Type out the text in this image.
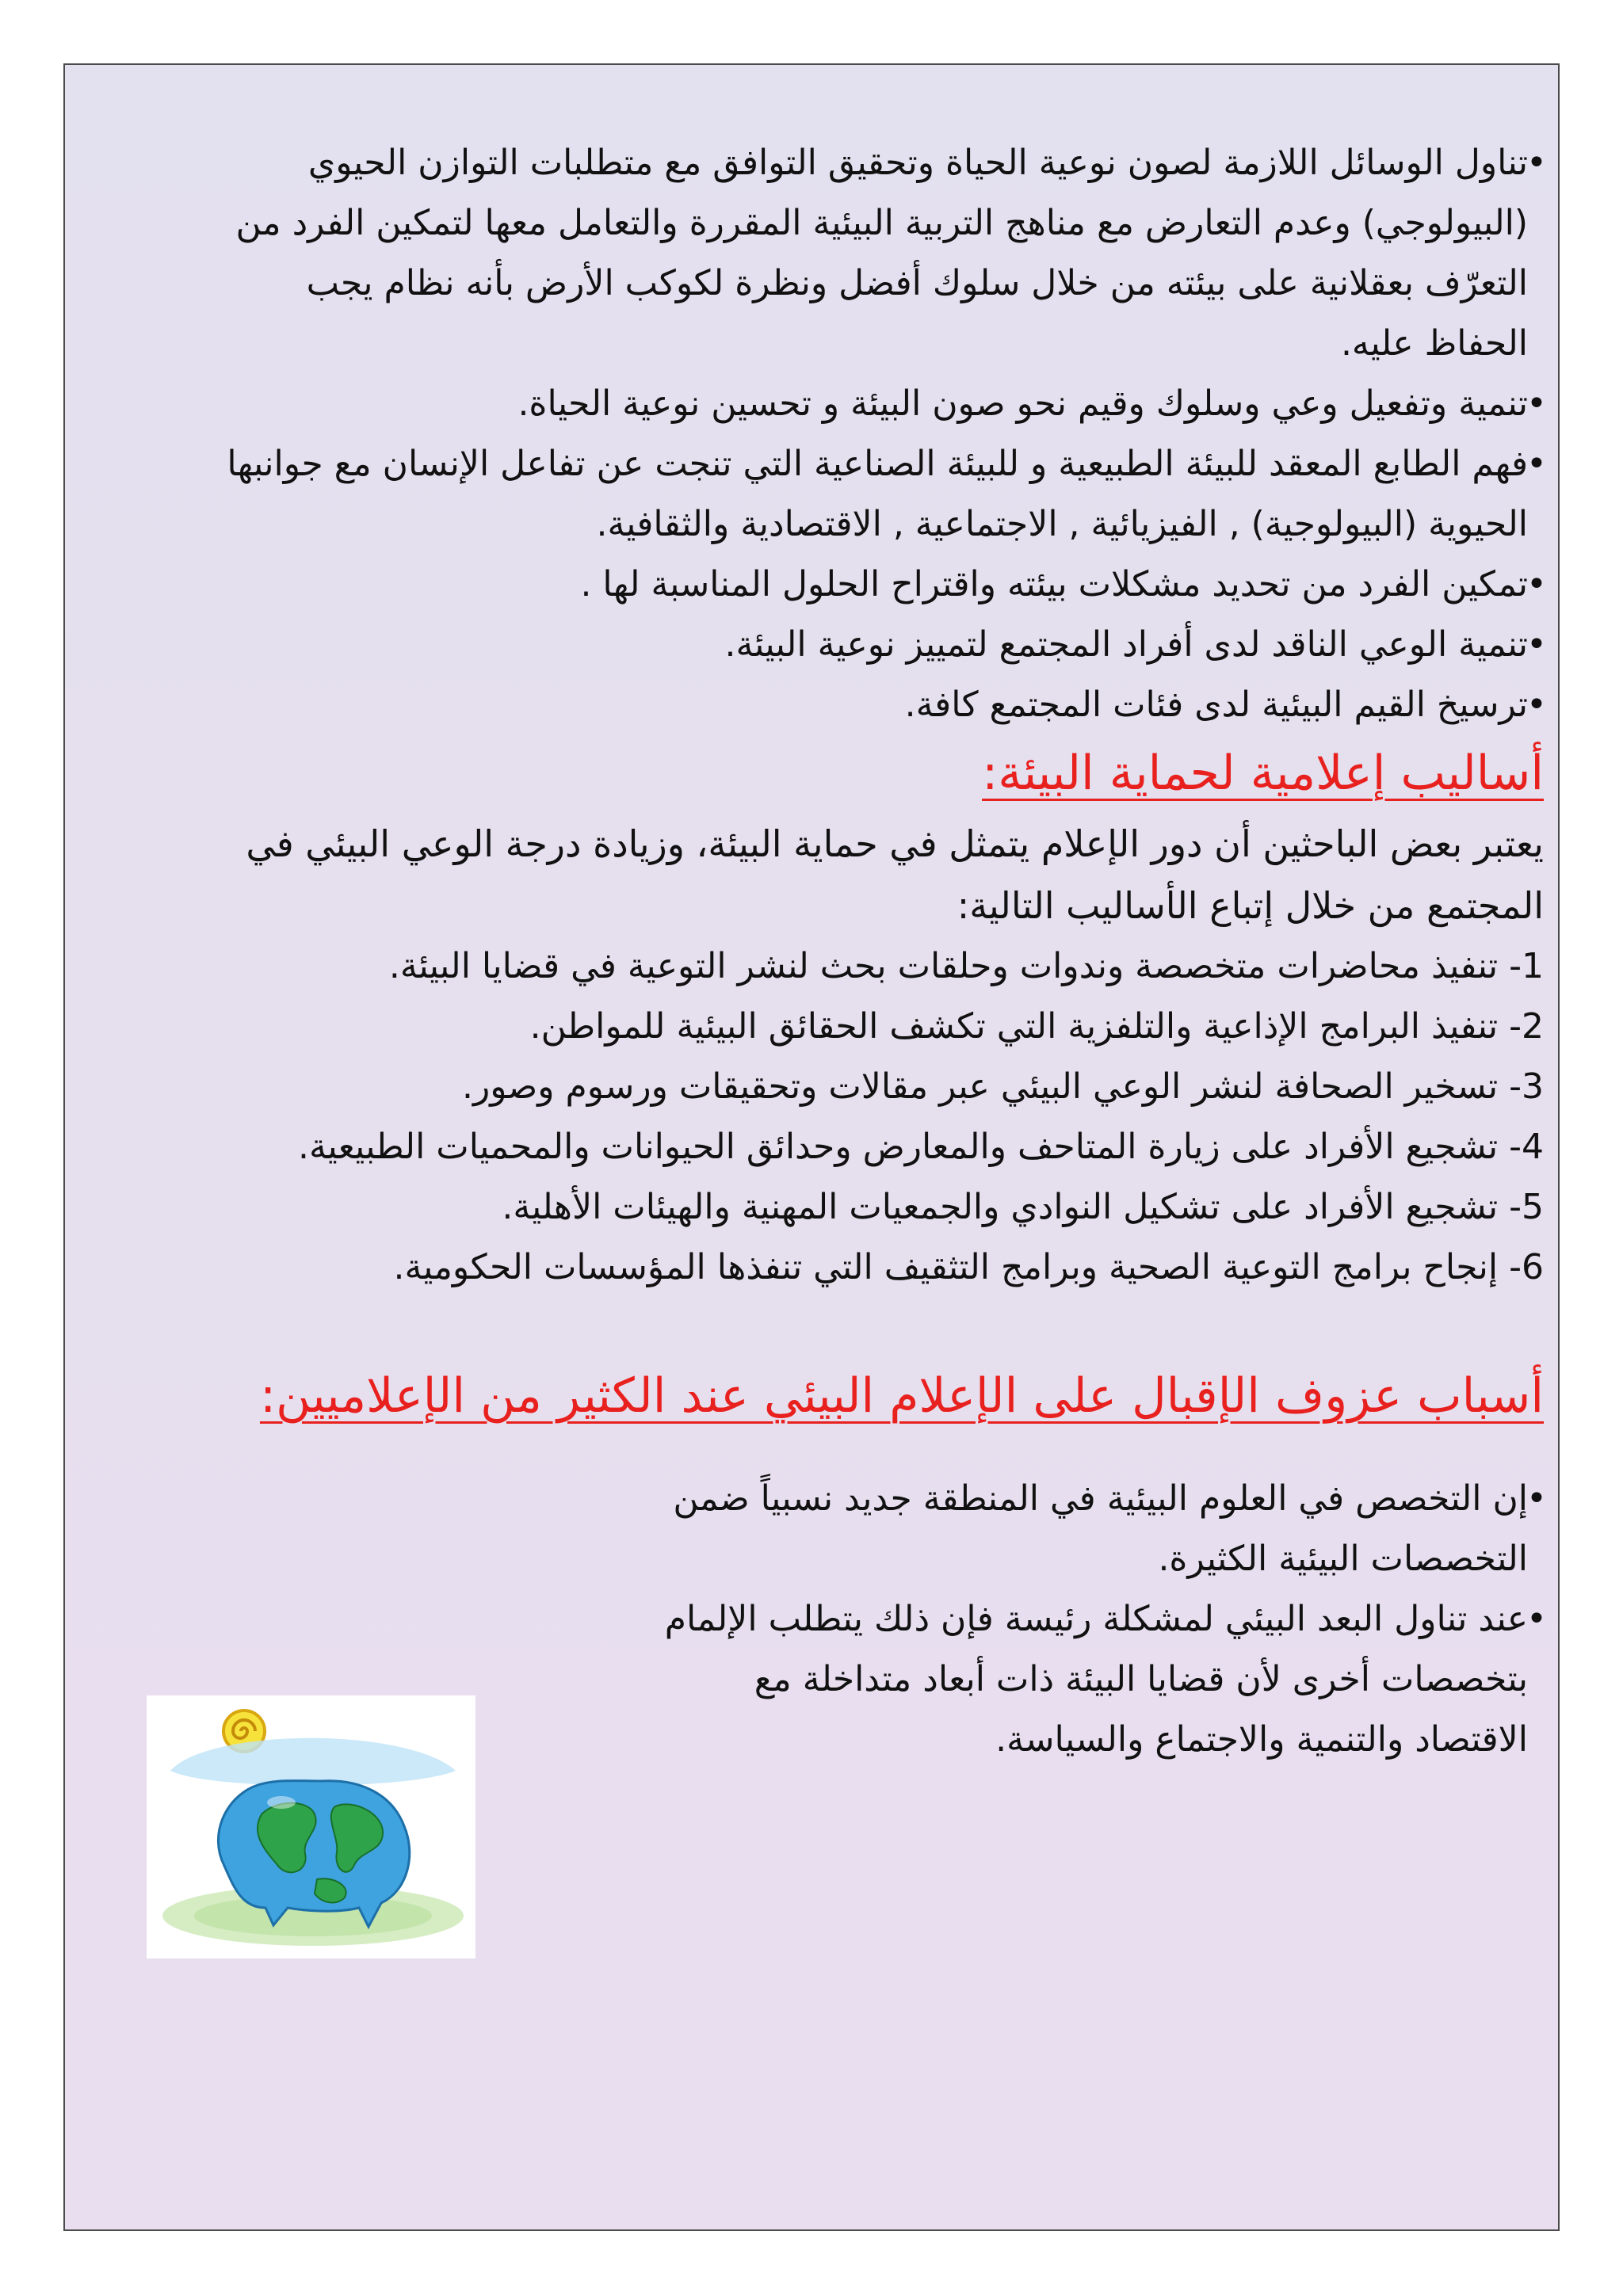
•
تناول الوسائل اللازمة لصون نوعية الحياة وتحقيق التوافق مع متطلبات التوازن الحيوي (البيولوجي) وعدم التعارض مع مناهج التربية البيئية المقررة والتعامل معها لتمكين الفرد من التعرّف بعقلانية على بيئته من خلال سلوك أفضل ونظرة لكوكب الأرض بأنه نظام يجب الحفاظ عليه.
•
تنمية وتفعيل وعي وسلوك وقيم نحو صون البيئة و تحسين نوعية الحياة.
•
فهم الطابع المعقد للبيئة الطبيعية و للبيئة الصناعية التي تنجت عن تفاعل الإنسان مع جوانبها الحيوية (البيولوجية) , الفيزيائية , الاجتماعية , الاقتصادية والثقافية.
•
تمكين الفرد من تحديد مشكلات بيئته واقتراح الحلول المناسبة لها .
•
تنمية الوعي الناقد لدى أفراد المجتمع لتمييز نوعية البيئة.
•
ترسيخ القيم البيئية لدى فئات المجتمع كافة.
أساليب إعلامية لحماية البيئة:
يعتبر بعض الباحثين أن دور الإعلام يتمثل في حماية البيئة، وزيادة درجة الوعي البيئي في المجتمع من خلال إتباع الأساليب التالية:
1- تنفيذ محاضرات متخصصة وندوات وحلقات بحث لنشر التوعية في قضايا البيئة.
2- تنفيذ البرامج الإذاعية والتلفزية التي تكشف الحقائق البيئية للمواطن.
3- تسخير الصحافة لنشر الوعي البيئي عبر مقالات وتحقيقات ورسوم وصور.
4- تشجيع الأفراد على زيارة المتاحف والمعارض وحدائق الحيوانات والمحميات الطبيعية.
5- تشجيع الأفراد على تشكيل النوادي والجمعيات المهنية والهيئات الأهلية.
6- إنجاح برامج التوعية الصحية وبرامج التثقيف التي تنفذها المؤسسات الحكومية.
أسباب عزوف الإقبال على الإعلام البيئي عند الكثير من الإعلاميين:
•
إن التخصص في العلوم البيئية في المنطقة جديد نسبياً ضمن التخصصات البيئية الكثيرة.
•
عند تناول البعد البيئي لمشكلة رئيسة فإن ذلك يتطلب الإلمام بتخصصات أخرى لأن قضايا البيئة ذات أبعاد متداخلة مع الاقتصاد والتنمية والاجتماع والسياسة.
